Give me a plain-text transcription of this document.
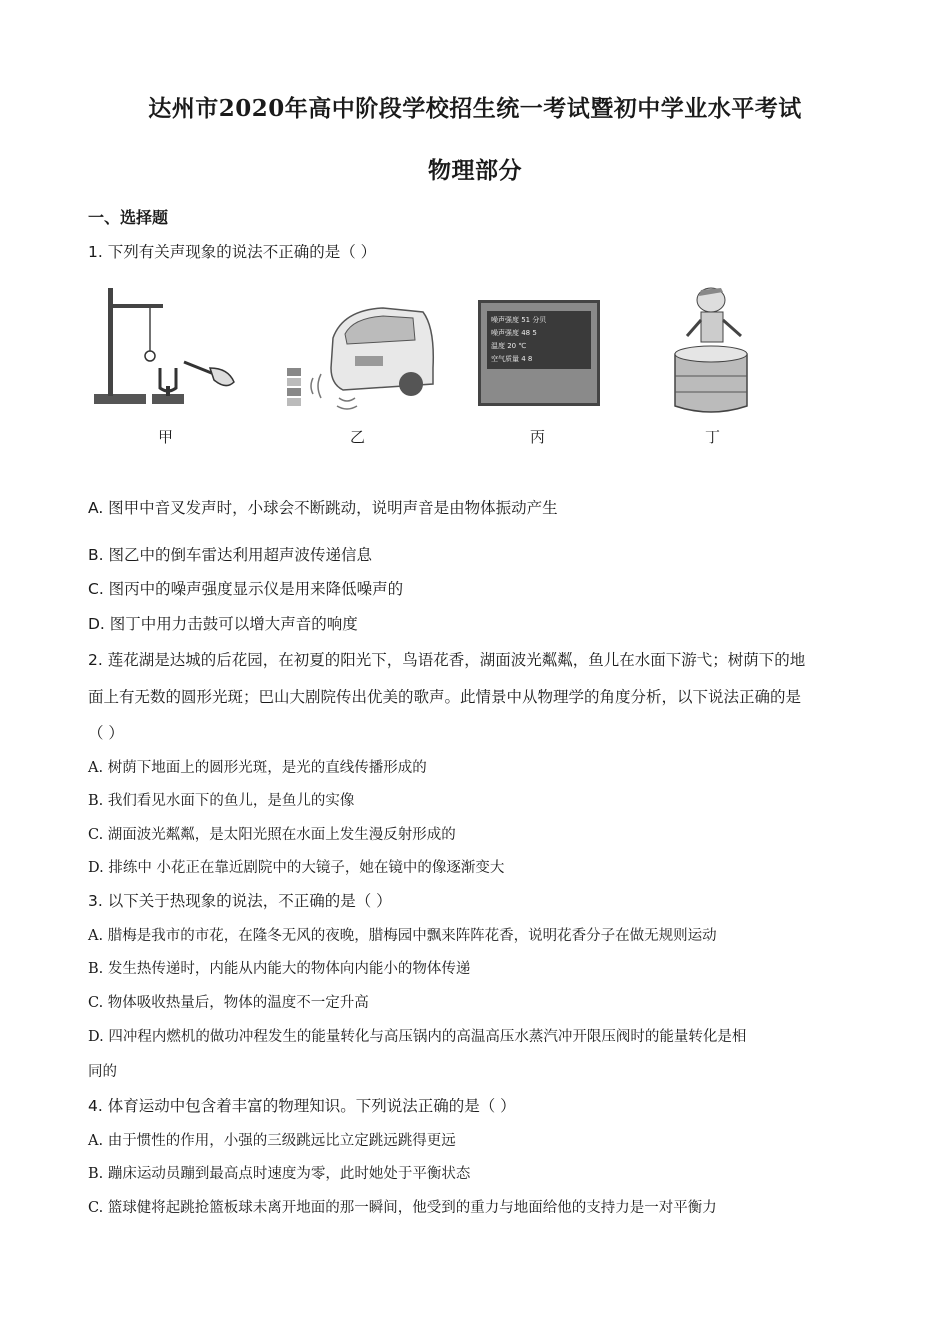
达州市2020年高中阶段学校招生统一考试暨初中学业水平考试
物理部分
一、选择题
1. 下列有关声现象的说法不正确的是（ ）
甲	乙
噪声强度 51 分贝
噪声强度 48 5
温度 20 ℃
空气质量 4 8
丙	丁
A. 图甲中音叉发声时，小球会不断跳动，说明声音是由物体振动产生
B. 图乙中的倒车雷达利用超声波传递信息
C. 图丙中的噪声强度显示仪是用来降低噪声的
D. 图丁中用力击鼓可以增大声音的响度
2. 莲花湖是达城的后花园，在初夏的阳光下，鸟语花香，湖面波光粼粼，鱼儿在水面下游弋；树荫下的地
面上有无数的圆形光斑；巴山大剧院传出优美的歌声。此情景中从物理学的角度分析，以下说法正确的是
（ ）
A. 树荫下地面上的圆形光斑，是光的直线传播形成的
B. 我们看见水面下的鱼儿，是鱼儿的实像
C. 湖面波光粼粼，是太阳光照在水面上发生漫反射形成的
D. 排练中 小花正在靠近剧院中的大镜子，她在镜中的像逐渐变大
3. 以下关于热现象的说法，不正确的是（ ）
A. 腊梅是我市的市花，在隆冬无风的夜晚，腊梅园中飘来阵阵花香，说明花香分子在做无规则运动
B. 发生热传递时，内能从内能大的物体向内能小的物体传递
C. 物体吸收热量后，物体的温度不一定升高
D. 四冲程内燃机的做功冲程发生的能量转化与高压锅内的高温高压水蒸汽冲开限压阀时的能量转化是相
同的
4. 体育运动中包含着丰富的物理知识。下列说法正确的是（ ）
A. 由于惯性的作用，小强的三级跳远比立定跳远跳得更远
B. 蹦床运动员蹦到最高点时速度为零，此时她处于平衡状态
C. 篮球健将起跳抢篮板球未离开地面的那一瞬间，他受到的重力与地面给他的支持力是一对平衡力
